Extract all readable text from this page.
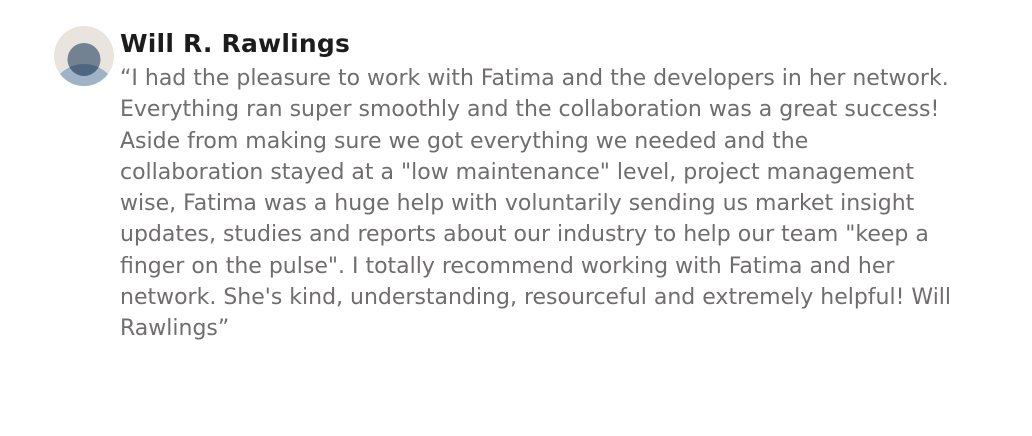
Will R. Rawlings

“I had the pleasure to work with Fatima and the developers in her network. Everything ran super smoothly and the collaboration was a great success! Aside from making sure we got everything we needed and the collaboration stayed at a "low maintenance" level, project management wise, Fatima was a huge help with voluntarily sending us market insight updates, studies and reports about our industry to help our team "keep a finger on the pulse". I totally recommend working with Fatima and her network. She's kind, understanding, resourceful and extremely helpful! Will Rawlings”
